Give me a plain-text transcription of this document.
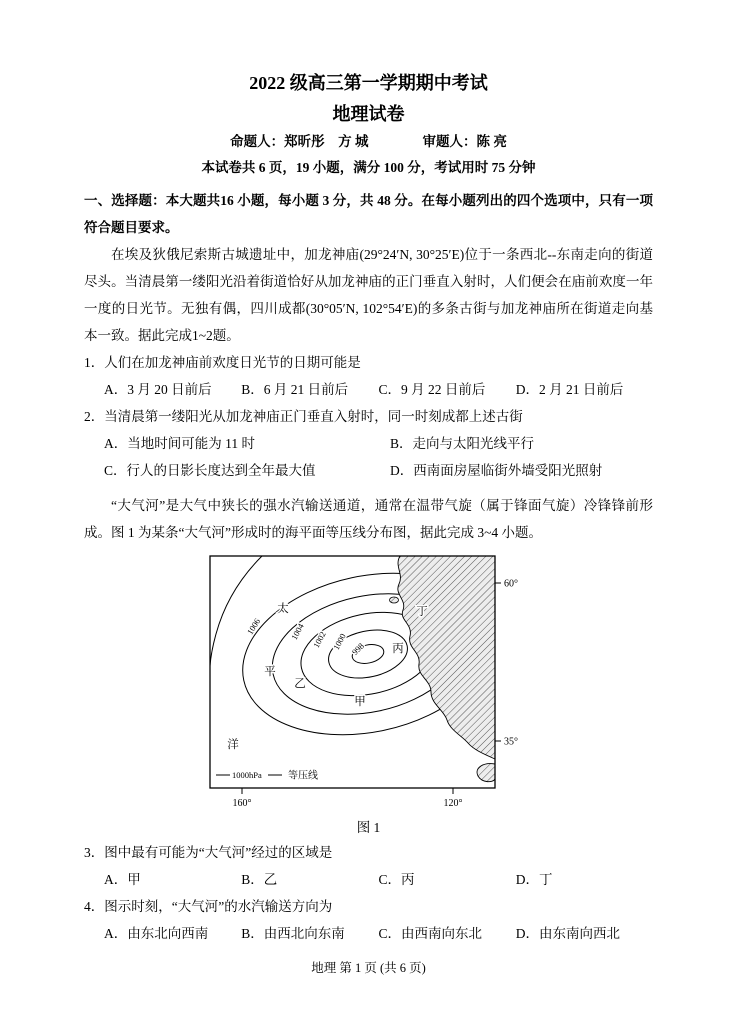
2022 级高三第一学期期中考试
地理试卷
命题人：郑昕彤　方 城　　　　审题人：陈 亮
本试卷共 6 页，19 小题，满分 100 分，考试用时 75 分钟

一、选择题：本大题共16 小题，每小题 3 分，共 48 分。在每小题列出的四个选项中，只有一项符合题目要求。

在埃及狄俄尼索斯古城遗址中，加龙神庙(29°24′N, 30°25′E)位于一条西北--东南走向的街道尽头。当清晨第一缕阳光沿着街道恰好从加龙神庙的正门垂直入射时，人们便会在庙前欢度一年一度的日光节。无独有偶，四川成都(30°05′N, 102°54′E)的多条古街与加龙神庙所在街道走向基本一致。据此完成1~2题。

1．人们在加龙神庙前欢度日光节的日期可能是

A．3 月 20 日前后	B．6 月 21 日前后	C．9 月 22 日前后	D．2 月 21 日前后

2．当清晨第一缕阳光从加龙神庙正门垂直入射时，同一时刻成都上述古街

A．当地时间可能为 11 时	B．走向与太阳光线平行
C．行人的日影长度达到全年最大值	D．西南面房屋临街外墙受阳光照射

“大气河”是大气中狭长的强水汽输送通道，通常在温带气旋（属于锋面气旋）冷锋锋前形成。图 1 为某条“大气河”形成时的海平面等压线分布图，据此完成 3~4 小题。

1006	1004 1002 1000 998
太
平
洋
甲
乙
丙
丁
1000hPa	等压线
60°
35°
160°	120°
图 1

3．图中最有可能为“大气河”经过的区域是

A．甲	B．乙	C．丙	D．丁

4．图示时刻，“大气河”的水汽输送方向为

A．由东北向西南	B．由西北向东南	C．由西南向东北	D．由东南向西北
地理 第 1 页 (共 6 页)
